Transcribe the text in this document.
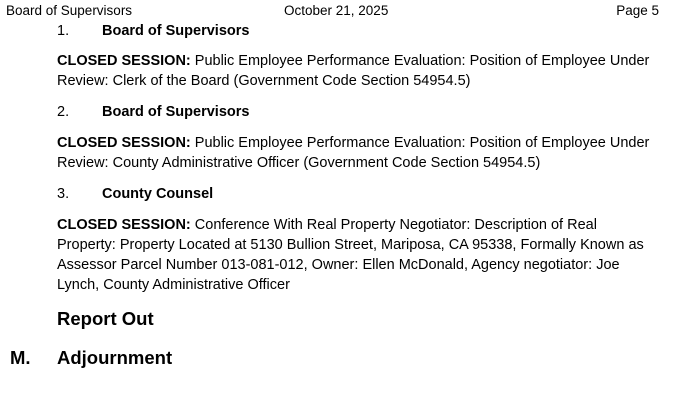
Board of Supervisors	October 21, 2025	Page 5
1. Board of Supervisors
CLOSED SESSION: Public Employee Performance Evaluation: Position of Employee Under Review: Clerk of the Board (Government Code Section 54954.5)
2. Board of Supervisors
CLOSED SESSION: Public Employee Performance Evaluation: Position of Employee Under Review: County Administrative Officer (Government Code Section 54954.5)
3. County Counsel
CLOSED SESSION: Conference With Real Property Negotiator: Description of Real Property: Property Located at 5130 Bullion Street, Mariposa, CA 95338, Formally Known as Assessor Parcel Number 013-081-012, Owner: Ellen McDonald, Agency negotiator: Joe Lynch, County Administrative Officer
Report Out
M. Adjournment
